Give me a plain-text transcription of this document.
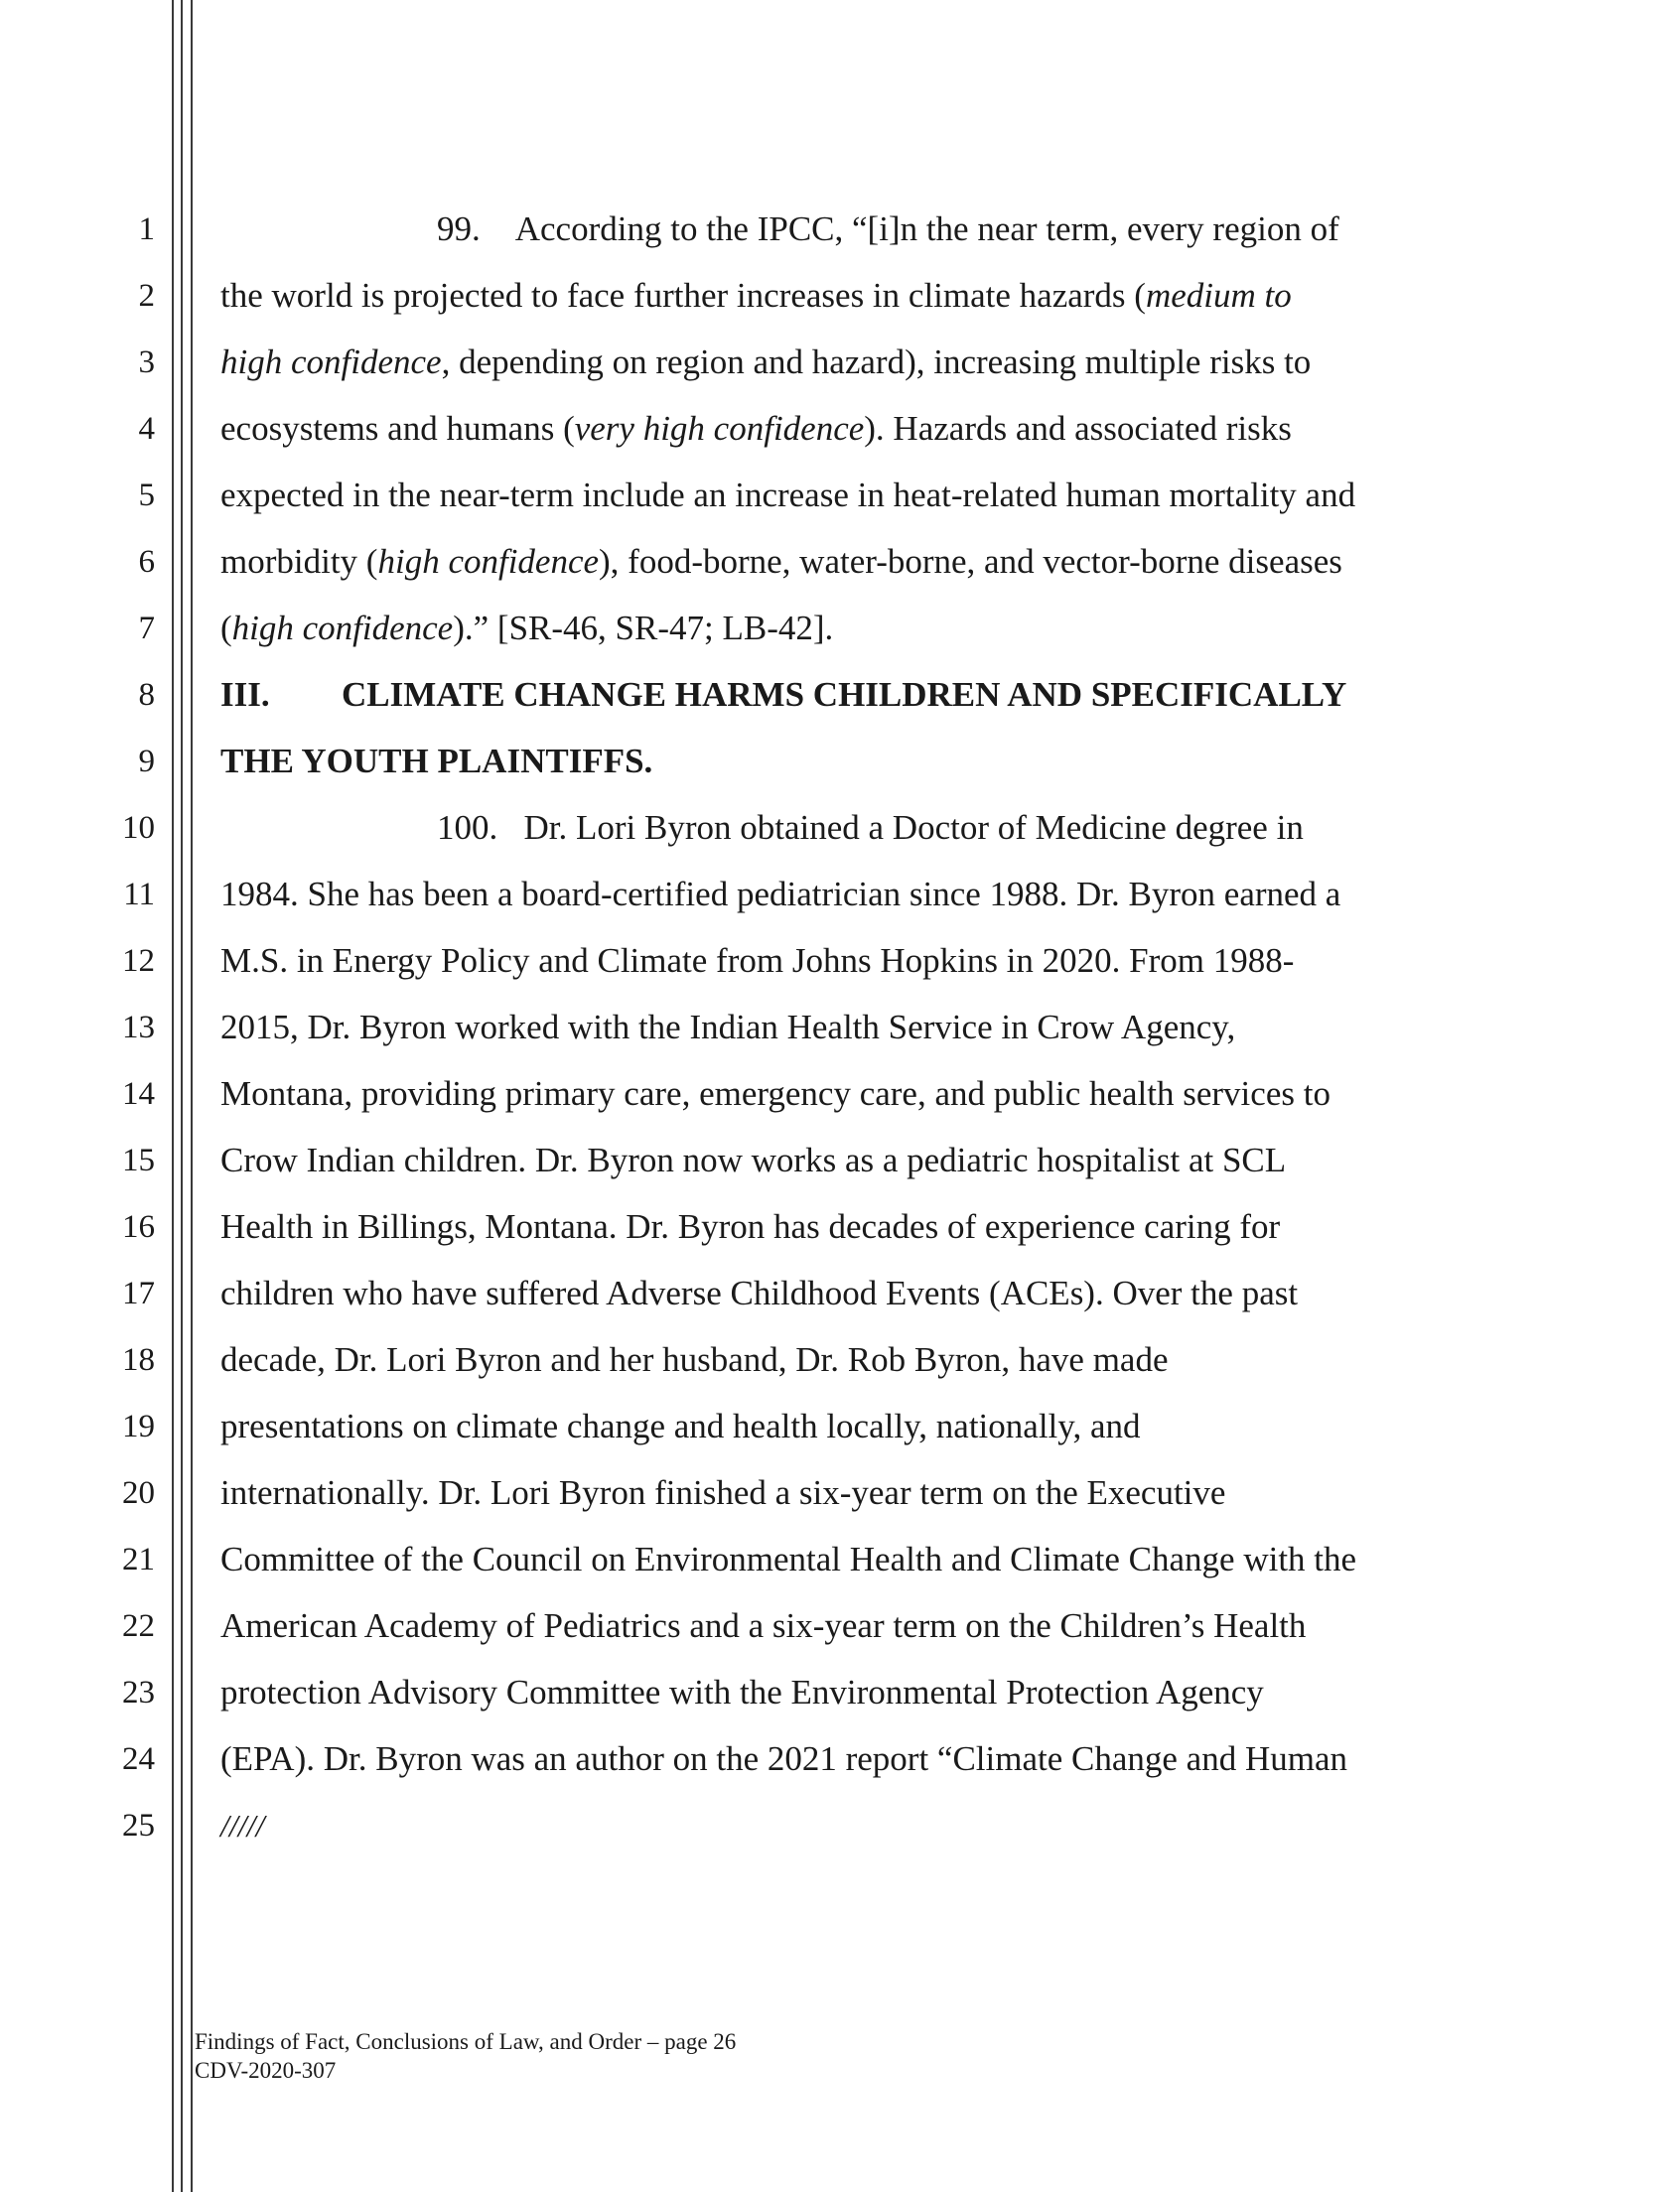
1
2
3
4
5
6
7
8
9
10
11
12
13
14
15
16
17
18
19
20
21
22
23
24
25
99. According to the IPCC, “[i]n the near term, every region of
the world is projected to face further increases in climate hazards (medium to
high confidence, depending on region and hazard), increasing multiple risks to
ecosystems and humans (very high confidence). Hazards and associated risks
expected in the near-term include an increase in heat-related human mortality and
morbidity (high confidence), food-borne, water-borne, and vector-borne diseases
(high confidence).” [SR-46, SR-47; LB-42].
III. CLIMATE CHANGE HARMS CHILDREN AND SPECIFICALLY
THE YOUTH PLAINTIFFS.
100. Dr. Lori Byron obtained a Doctor of Medicine degree in
1984. She has been a board-certified pediatrician since 1988. Dr. Byron earned a
M.S. in Energy Policy and Climate from Johns Hopkins in 2020. From 1988-
2015, Dr. Byron worked with the Indian Health Service in Crow Agency,
Montana, providing primary care, emergency care, and public health services to
Crow Indian children. Dr. Byron now works as a pediatric hospitalist at SCL
Health in Billings, Montana. Dr. Byron has decades of experience caring for
children who have suffered Adverse Childhood Events (ACEs). Over the past
decade, Dr. Lori Byron and her husband, Dr. Rob Byron, have made
presentations on climate change and health locally, nationally, and
internationally. Dr. Lori Byron finished a six-year term on the Executive
Committee of the Council on Environmental Health and Climate Change with the
American Academy of Pediatrics and a six-year term on the Children’s Health
protection Advisory Committee with the Environmental Protection Agency
(EPA). Dr. Byron was an author on the 2021 report “Climate Change and Human
/////
Findings of Fact, Conclusions of Law, and Order – page 26
CDV-2020-307
